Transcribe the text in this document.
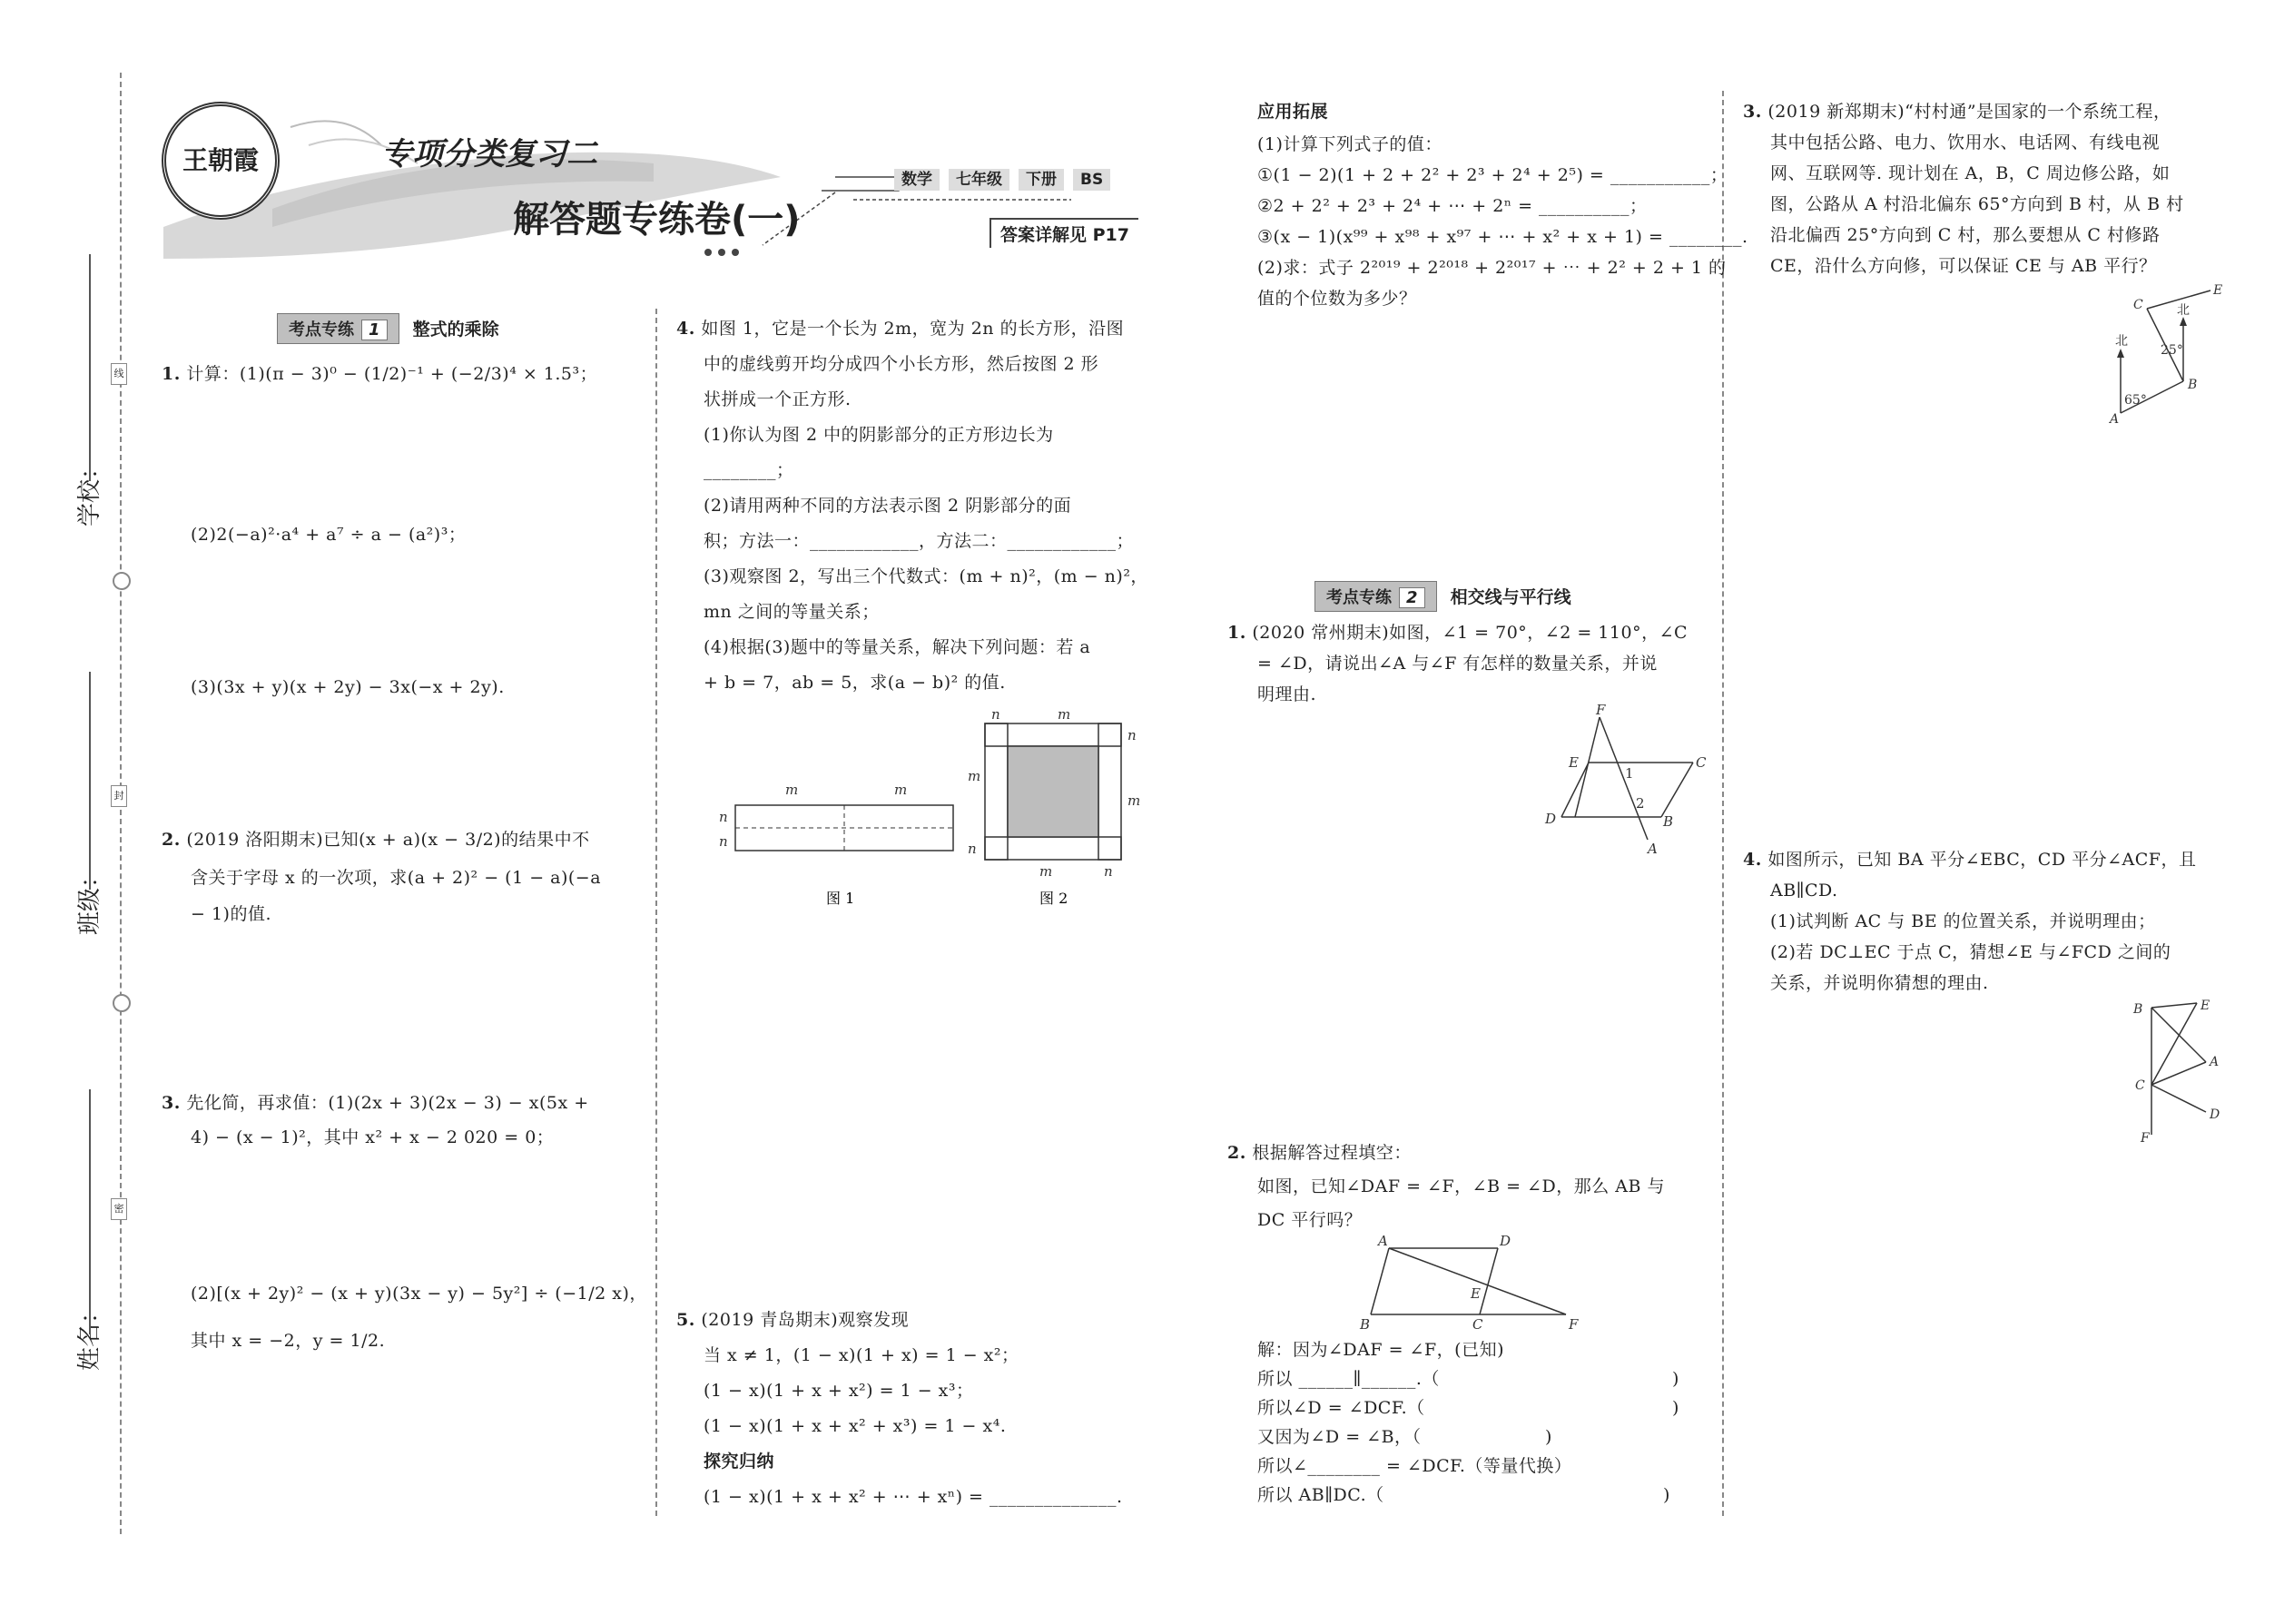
学校：
班级：
姓名：
线
封
密
王朝霞	专项分类复习二
解答题专练卷(一)
数学 七年级 下册 BS
答案详解见 P17
考点专练 1 整式的乘除
1. 计算：(1)(π − 3)⁰ − (1/2)⁻¹ + (−2/3)⁴ × 1.5³；
(2)2(−a)²·a⁴ + a⁷ ÷ a − (a²)³；
(3)(3x + y)(x + 2y) − 3x(−x + 2y).
2. (2019 洛阳期末)已知(x + a)(x − 3/2)的结果中不
含关于字母 x 的一次项，求(a + 2)² − (1 − a)(−a
− 1)的值.
3. 先化简，再求值：(1)(2x + 3)(2x − 3) − x(5x +
4) − (x − 1)²，其中 x² + x − 2 020 = 0；
(2)[(x + 2y)² − (x + y)(3x − y) − 5y²] ÷ (−1/2 x)，
其中 x = −2，y = 1/2.
4. 如图 1，它是一个长为 2m，宽为 2n 的长方形，沿图
中的虚线剪开均分成四个小长方形，然后按图 2 形
状拼成一个正方形.
(1)你认为图 2 中的阴影部分的正方形边长为
________；
(2)请用两种不同的方法表示图 2 阴影部分的面
积；方法一：____________，方法二：____________；
(3)观察图 2，写出三个代数式：(m + n)²，(m − n)²，
mn 之间的等量关系；
(4)根据(3)题中的等量关系，解决下列问题：若 a
+ b = 7，ab = 5，求(a − b)² 的值.
m	m
n
n
n	m
n
m
m
n
m	n
图 1	图 2
5. (2019 青岛期末)观察发现
当 x ≠ 1，(1 − x)(1 + x) = 1 − x²；
(1 − x)(1 + x + x²) = 1 − x³；
(1 − x)(1 + x + x² + x³) = 1 − x⁴.
探究归纳
(1 − x)(1 + x + x² + ⋯ + xⁿ) = ______________.
应用拓展
(1)计算下列式子的值：
①(1 − 2)(1 + 2 + 2² + 2³ + 2⁴ + 2⁵) = ___________；
②2 + 2² + 2³ + 2⁴ + ⋯ + 2ⁿ = __________；
③(x − 1)(x⁹⁹ + x⁹⁸ + x⁹⁷ + ⋯ + x² + x + 1) = ________.
(2)求：式子 2²⁰¹⁹ + 2²⁰¹⁸ + 2²⁰¹⁷ + ⋯ + 2² + 2 + 1 的
值的个位数为多少？
考点专练 2 相交线与平行线
1. (2020 常州期末)如图，∠1 = 70°，∠2 = 110°，∠C
= ∠D，请说出∠A 与∠F 有怎样的数量关系，并说
明理由.
F
E	C
D	B
A
1
2
2. 根据解答过程填空：
如图，已知∠DAF = ∠F，∠B = ∠D，那么 AB 与
DC 平行吗？
A	D
B	C
E
F
解：因为∠DAF = ∠F，(已知)
所以 ______∥______.（	)
所以∠D = ∠DCF.（	)
又因为∠D = ∠B，（	)
所以∠________ = ∠DCF.（等量代换）
所以 AB∥DC.（	)
3. (2019 新郑期末)“村村通”是国家的一个系统工程，
其中包括公路、电力、饮用水、电话网、有线电视
网、互联网等. 现计划在 A，B，C 周边修公路，如
图，公路从 A 村沿北偏东 65°方向到 B 村，从 B 村
沿北偏西 25°方向到 C 村，那么要想从 C 村修路
CE，沿什么方向修，可以保证 CE 与 AB 平行？
北
北
65°
25°
A
B
C
E
4. 如图所示，已知 BA 平分∠EBC，CD 平分∠ACF，且
AB∥CD.
(1)试判断 AC 与 BE 的位置关系，并说明理由；
(2)若 DC⊥EC 于点 C，猜想∠E 与∠FCD 之间的
关系，并说明你猜想的理由.
B	E
A
C
D
F
